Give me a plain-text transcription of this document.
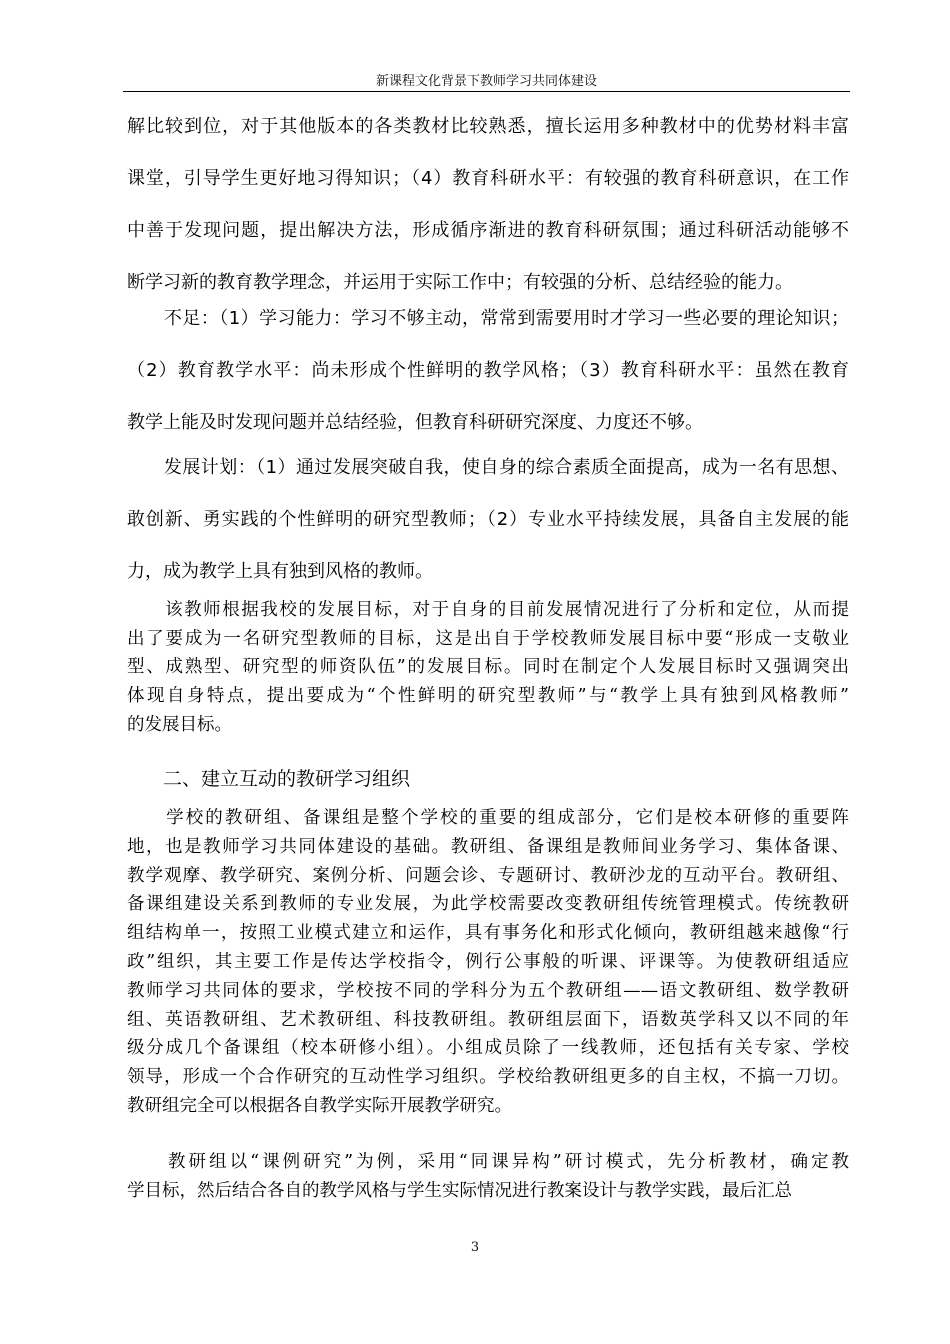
新课程文化背景下教师学习共同体建设

解比较到位，对于其他版本的各类教材比较熟悉，擅长运用多种教材中的优势材料丰富

课堂，引导学生更好地习得知识；（4）教育科研水平：有较强的教育科研意识，在工作

中善于发现问题，提出解决方法，形成循序渐进的教育科研氛围；通过科研活动能够不

断学习新的教育教学理念，并运用于实际工作中；有较强的分析、总结经验的能力。

　　不足：（1）学习能力：学习不够主动，常常到需要用时才学习一些必要的理论知识；

（2）教育教学水平：尚未形成个性鲜明的教学风格；（3）教育科研水平：虽然在教育

教学上能及时发现问题并总结经验，但教育科研研究深度、力度还不够。

　　发展计划：（1）通过发展突破自我，使自身的综合素质全面提高，成为一名有思想、

敢创新、勇实践的个性鲜明的研究型教师；（2）专业水平持续发展，具备自主发展的能

力，成为教学上具有独到风格的教师。

　　该教师根据我校的发展目标，对于自身的目前发展情况进行了分析和定位，从而提

出了要成为一名研究型教师的目标，这是出自于学校教师发展目标中要“形成一支敬业

型、成熟型、研究型的师资队伍”的发展目标。同时在制定个人发展目标时又强调突出

体现自身特点，提出要成为“个性鲜明的研究型教师”与“教学上具有独到风格教师”

的发展目标。

二、建立互动的教研学习组织

　　学校的教研组、备课组是整个学校的重要的组成部分，它们是校本研修的重要阵

地，也是教师学习共同体建设的基础。教研组、备课组是教师间业务学习、集体备课、

教学观摩、教学研究、案例分析、问题会诊、专题研讨、教研沙龙的互动平台。教研组、

备课组建设关系到教师的专业发展，为此学校需要改变教研组传统管理模式。传统教研

组结构单一，按照工业模式建立和运作，具有事务化和形式化倾向，教研组越来越像“行

政”组织，其主要工作是传达学校指令，例行公事般的听课、评课等。为使教研组适应

教师学习共同体的要求，学校按不同的学科分为五个教研组——语文教研组、数学教研

组、英语教研组、艺术教研组、科技教研组。教研组层面下，语数英学科又以不同的年

级分成几个备课组（校本研修小组）。小组成员除了一线教师，还包括有关专家、学校

领导，形成一个合作研究的互动性学习组织。学校给教研组更多的自主权，不搞一刀切。

教研组完全可以根据各自教学实际开展教学研究。

　　教研组以“课例研究”为例，采用“同课异构”研讨模式，先分析教材，确定教

学目标，然后结合各自的教学风格与学生实际情况进行教案设计与教学实践，最后汇总

3
